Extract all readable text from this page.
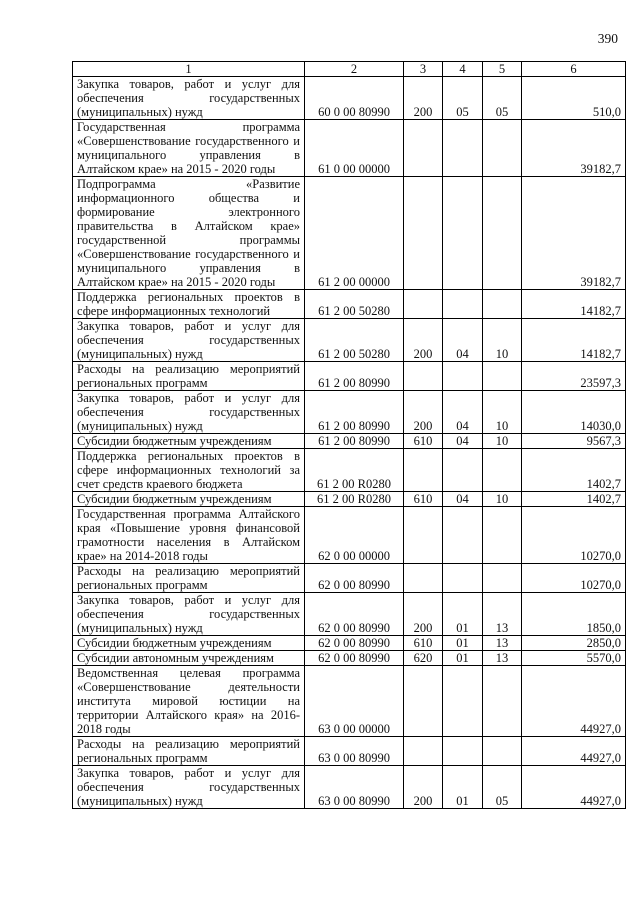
390
1	2	3	4	5	6
Закупка товаров, работ и услуг для обеспечения государственных (муниципальных) нужд	60 0 00 80990	200	05	05	510,0
Государственная программа «Совершенствование государственного и муниципального управления в Алтайском крае» на 2015 - 2020 годы	61 0 00 00000				39182,7
Подпрограмма «Развитие информационного общества и формирование электронного правительства в Алтайском крае» государственной программы «Совершенствование государственного и муниципального управления в Алтайском крае» на 2015 - 2020 годы	61 2 00 00000				39182,7
Поддержка региональных проектов в сфере информационных технологий	61 2 00 50280				14182,7
Закупка товаров, работ и услуг для обеспечения государственных (муниципальных) нужд	61 2 00 50280	200	04	10	14182,7
Расходы на реализацию мероприятий региональных программ	61 2 00 80990				23597,3
Закупка товаров, работ и услуг для обеспечения государственных (муниципальных) нужд	61 2 00 80990	200	04	10	14030,0
Субсидии бюджетным учреждениям	61 2 00 80990	610	04	10	9567,3
Поддержка региональных проектов в сфере информационных технологий за счет средств краевого бюджета	61 2 00 R0280				1402,7
Субсидии бюджетным учреждениям	61 2 00 R0280	610	04	10	1402,7
Государственная программа Алтайского края «Повышение уровня финансовой грамотности населения в Алтайском крае» на 2014-2018 годы	62 0 00 00000				10270,0
Расходы на реализацию мероприятий региональных программ	62 0 00 80990				10270,0
Закупка товаров, работ и услуг для обеспечения государственных (муниципальных) нужд	62 0 00 80990	200	01	13	1850,0
Субсидии бюджетным учреждениям	62 0 00 80990	610	01	13	2850,0
Субсидии автономным учреждениям	62 0 00 80990	620	01	13	5570,0
Ведомственная целевая программа «Совершенствование деятельности института мировой юстиции на территории Алтайского края» на 2016-2018 годы	63 0 00 00000				44927,0
Расходы на реализацию мероприятий региональных программ	63 0 00 80990				44927,0
Закупка товаров, работ и услуг для обеспечения государственных (муниципальных) нужд	63 0 00 80990	200	01	05	44927,0
